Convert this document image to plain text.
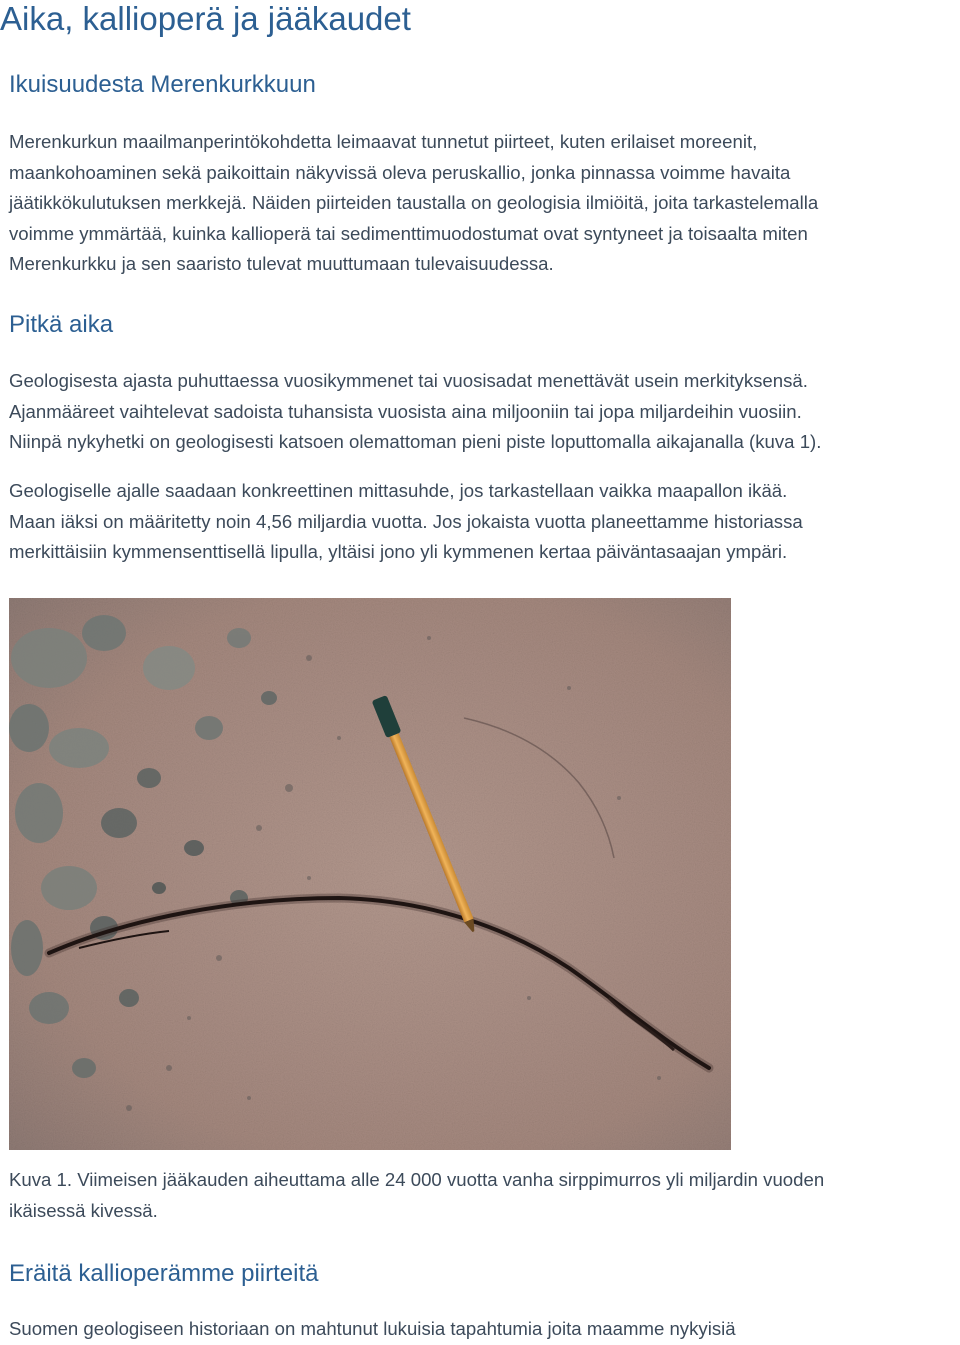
Aika, kallioperä ja jääkaudet
Ikuisuudesta Merenkurkkuun

Merenkurkun maailmanperintökohdetta leimaavat tunnetut piirteet, kuten erilaiset moreenit,
maankohoaminen sekä paikoittain näkyvissä oleva peruskallio, jonka pinnassa voimme havaita
jäätikkökulutuksen merkkejä. Näiden piirteiden taustalla on geologisia ilmiöitä, joita tarkastelemalla
voimme ymmärtää, kuinka kallioperä tai sedimenttimuodostumat ovat syntyneet ja toisaalta miten
Merenkurkku ja sen saaristo tulevat muuttumaan tulevaisuudessa.

Pitkä aika

Geologisesta ajasta puhuttaessa vuosikymmenet tai vuosisadat menettävät usein merkityksensä.
Ajanmääreet vaihtelevat sadoista tuhansista vuosista aina miljooniin tai jopa miljardeihin vuosiin.
Niinpä nykyhetki on geologisesti katsoen olemattoman pieni piste loputtomalla aikajanalla (kuva 1).

Geologiselle ajalle saadaan konkreettinen mittasuhde, jos tarkastellaan vaikka maapallon ikää.
Maan iäksi on määritetty noin 4,56 miljardia vuotta. Jos jokaista vuotta planeettamme historiassa
merkittäisiin kymmensenttisellä lipulla, yltäisi jono yli kymmenen kertaa päiväntasaajan ympäri.

Kuva 1. Viimeisen jääkauden aiheuttama alle 24 000 vuotta vanha sirppimurros yli miljardin vuoden
ikäisessä kivessä.
Eräitä kallioperämme piirteitä

Suomen geologiseen historiaan on mahtunut lukuisia tapahtumia joita maamme nykyisiä
